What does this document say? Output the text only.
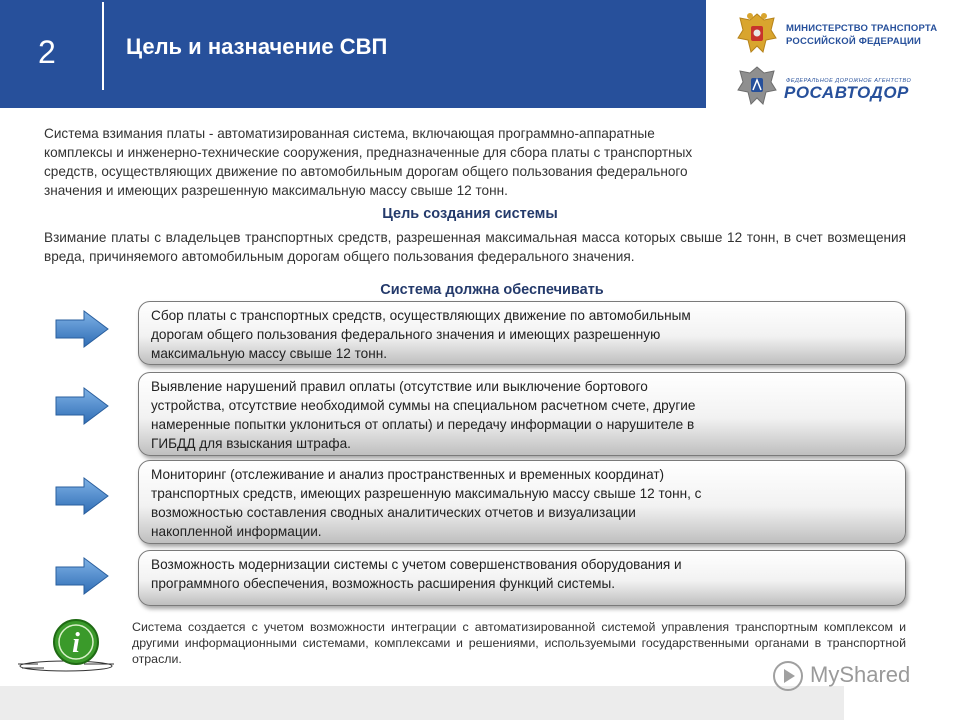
2	Цель и назначение СВП
МИНИСТЕРСТВО ТРАНСПОРТА
РОССИЙСКОЙ ФЕДЕРАЦИИ
ФЕДЕРАЛЬНОЕ ДОРОЖНОЕ АГЕНТСТВО
РОСАВТОДОР
Система взимания платы - автоматизированная система, включающая программно-аппаратные
комплексы и инженерно-технические сооружения, предназначенные для сбора платы с транспортных
средств, осуществляющих движение по автомобильным дорогам общего пользования федерального
значения и имеющих разрешенную максимальную массу свыше 12 тонн.
Цель создания системы
Взимание платы с владельцев транспортных средств, разрешенная максимальная масса которых свыше 12 тонн, в счет возмещения вреда, причиняемого автомобильным дорогам общего пользования федерального значения.
Система должна обеспечивать
Сбор платы с транспортных средств, осуществляющих движение по автомобильным
дорогам общего пользования федерального значения и имеющих разрешенную
максимальную массу свыше 12 тонн.
Выявление нарушений правил оплаты (отсутствие или выключение бортового
устройства, отсутствие необходимой суммы на специальном расчетном счете, другие
намеренные попытки уклониться от оплаты) и передачу информации о нарушителе в
ГИБДД для взыскания штрафа.
Мониторинг (отслеживание и анализ пространственных и временных координат)
транспортных средств, имеющих разрешенную максимальную массу свыше 12 тонн, с
возможностью составления сводных аналитических отчетов и визуализации
накопленной информации.
Возможность модернизации системы с учетом совершенствования оборудования и
программного обеспечения, возможность расширения функций системы.
i
Система создается с учетом возможности интеграции с автоматизированной системой управления транспортным комплексом и другими информационными системами, комплексами и решениями, используемыми государственными органами в транспортной отрасли.
MyShared
